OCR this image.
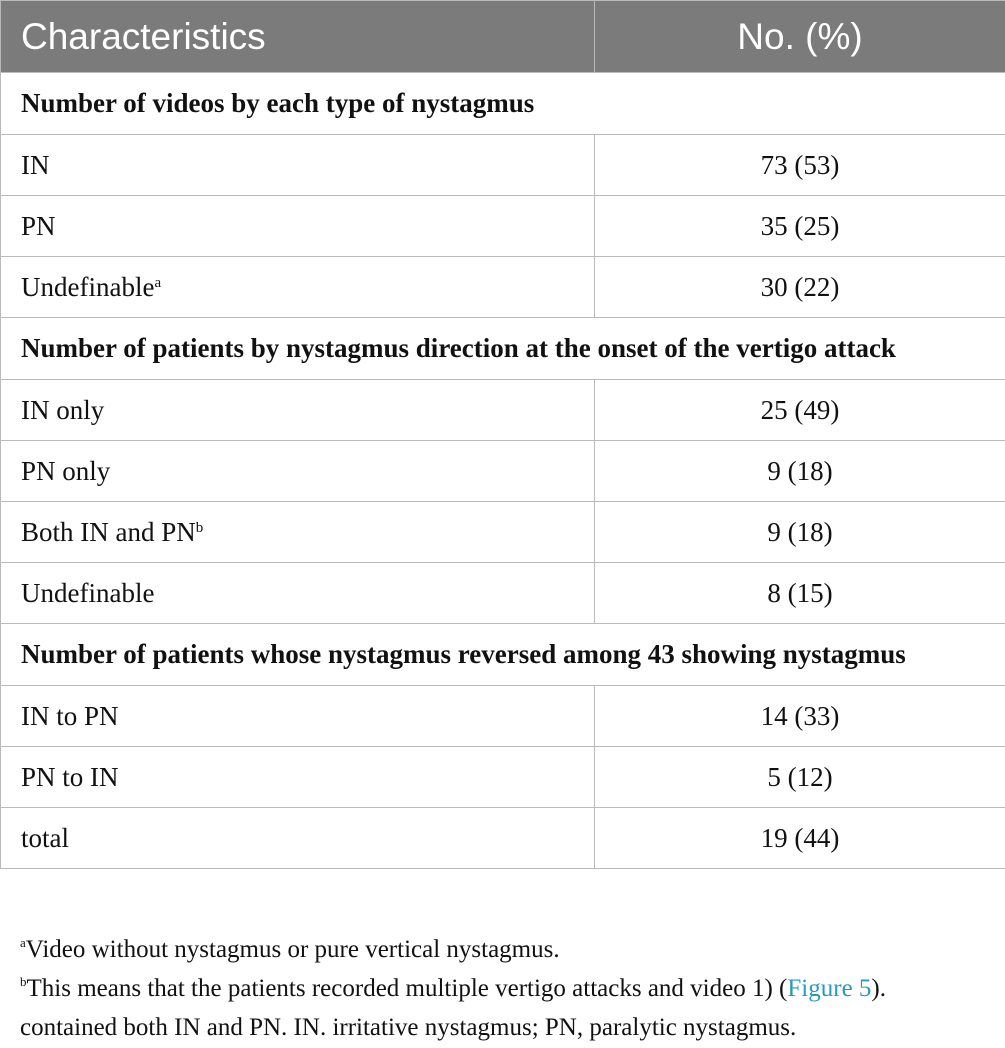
Characteristics	No. (%)
Number of videos by each type of nystagmus	
IN	73 (53)
PN	35 (25)
Undefinable$^a$	30 (22)
Number of patients by nystagmus direction at the onset of the vertigo attack	
IN only	25 (49)
PN only	9 (18)
Both IN and $PN^b$	9 (18)
Undefinable	8 (15)
Number of patients whose nystagmus reversed among 43 showing nystagmus	
IN to PN	14 (33)
PN to IN	5 (12)
total	19 (44)

$^a$Video without nystagmus or pure vertical nystagmus.

$^b$This means that the patients recorded multiple vertigo attacks and video 1) (Figure 5).

contained both IN and PN. IN. irritative nystagmus; PN, paralytic nystagmus.
